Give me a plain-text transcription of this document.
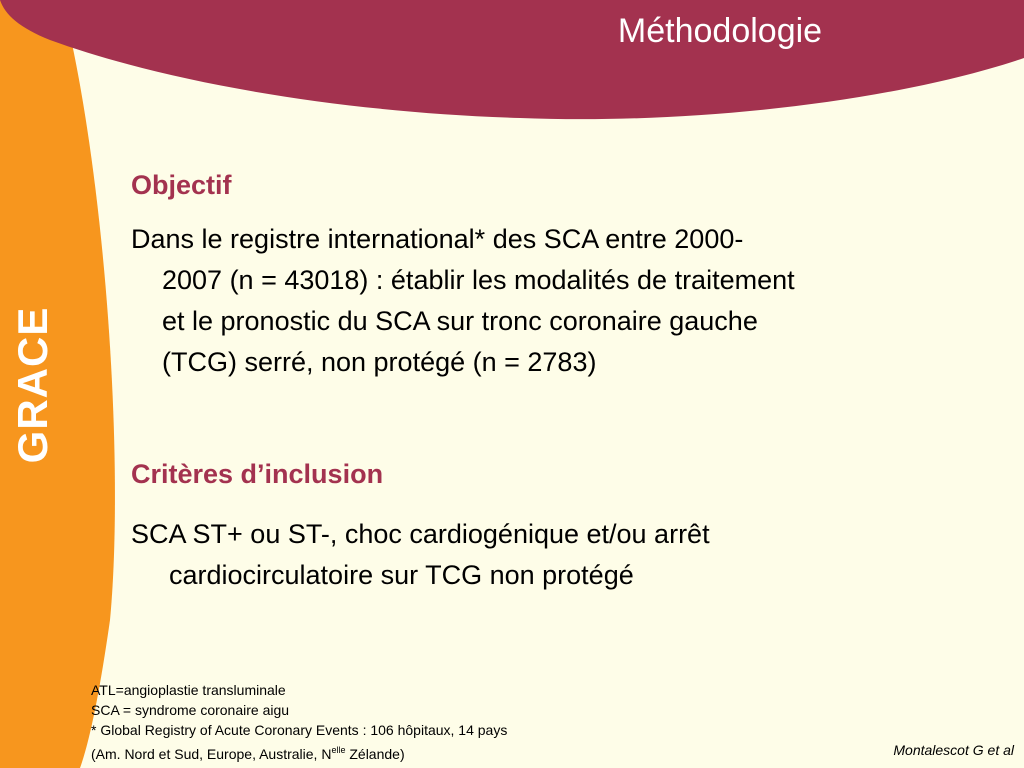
Méthodologie
GRACE
Objectif

Dans le registre international* des SCA entre 2000-
2007 (n = 43018) : établir les modalités de traitement
et le pronostic du SCA sur tronc coronaire gauche
(TCG) serré, non protégé (n = 2783)

Critères d’inclusion

SCA ST+ ou ST-, choc cardiogénique et/ou arrêt
cardiocirculatoire sur TCG non protégé

ATL=angioplastie transluminale
SCA = syndrome coronaire aigu
* Global Registry of Acute Coronary Events : 106 hôpitaux, 14 pays
(Am. Nord et Sud, Europe, Australie, $N^{elle}$ Zélande)	Montalescot G et al
